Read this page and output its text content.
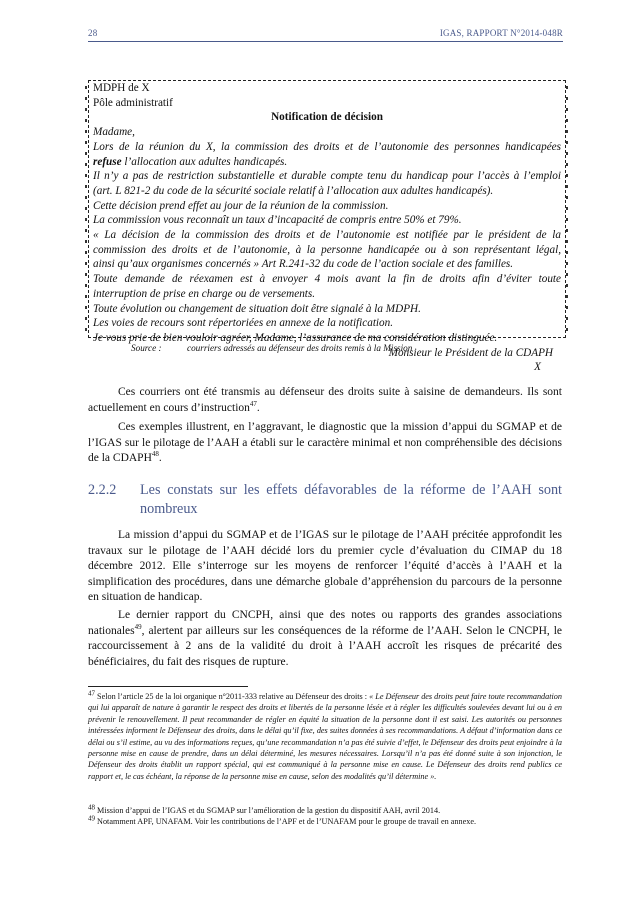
28	IGAS, RAPPORT N°2014-048R
MDPH de X
Pôle administratif
Notification de décision
Madame,
Lors de la réunion du X, la commission des droits et de l’autonomie des personnes handicapées
refuse l’allocation aux adultes handicapés.
Il n’y a pas de restriction substantielle et durable compte tenu du handicap pour l’accès à l’emploi
(art. L 821-2 du code de la sécurité sociale relatif à l’allocation aux adultes handicapés).
Cette décision prend effet au jour de la réunion de la commission.
La commission vous reconnaît un taux d’incapacité de compris entre 50% et 79%.
« La décision de la commission des droits et de l’autonomie est notifiée par le président de la
commission des droits et de l’autonomie, à la personne handicapée ou à son représentant légal,
ainsi qu’aux organismes concernés » Art R.241-32 du code de l’action sociale et des familles.
Toute demande de réexamen est à envoyer 4 mois avant la fin de droits afin d’éviter toute
interruption de prise en charge ou de versements.
Toute évolution ou changement de situation doit être signalé à la MDPH.
Les voies de recours sont répertoriées en annexe de la notification.
Je vous prie de bien vouloir agréer, Madame, l’assurance de ma considération distinguée.
Monsieur le Président de la CDAPH
X
Source :	courriers adressés au défenseur des droits remis à la Mission
Ces courriers ont été transmis au défenseur des droits suite à saisine de demandeurs. Ils sont actuellement en cours d’instruction$^{47}$.
Ces exemples illustrent, en l’aggravant, le diagnostic que la mission d’appui du SGMAP et de l’IGAS sur le pilotage de l’AAH a établi sur le caractère minimal et non compréhensible des décisions de la CDAPH$^{48}$.
2.2.2 Les constats sur les effets défavorables de la réforme de l’AAH sont
nombreux
La mission d’appui du SGMAP et de l’IGAS sur le pilotage de l’AAH précitée approfondit les travaux sur le pilotage de l’AAH décidé lors du premier cycle d’évaluation du CIMAP du 18 décembre 2012. Elle s’interroge sur les moyens de renforcer l’équité d’accès à l’AAH et la simplification des procédures, dans une démarche globale d’appréhension du parcours de la personne en situation de handicap.
Le dernier rapport du CNCPH, ainsi que des notes ou rapports des grandes associations nationales$^{49}$, alertent par ailleurs sur les conséquences de la réforme de l’AAH. Selon le CNCPH, le raccourcissement à 2 ans de la validité du droit à l’AAH accroît les risques de précarité des bénéficiaires, du fait des risques de rupture.
$^{47}$ Selon l’article 25 de la loi organique n°2011-333 relative au Défenseur des droits : « Le Défenseur des droits peut faire toute recommandation qui lui apparaît de nature à garantir le respect des droits et libertés de la personne lésée et à régler les difficultés soulevées devant lui ou à en prévenir le renouvellement. Il peut recommander de régler en équité la situation de la personne dont il est saisi. Les autorités ou personnes intéressées informent le Défenseur des droits, dans le délai qu’il fixe, des suites données à ses recommandations. A défaut d’information dans ce délai ou s’il estime, au vu des informations reçues, qu’une recommandation n’a pas été suivie d’effet, le Défenseur des droits peut enjoindre à la personne mise en cause de prendre, dans un délai déterminé, les mesures nécessaires. Lorsqu’il n’a pas été donné suite à son injonction, le Défenseur des droits établit un rapport spécial, qui est communiqué à la personne mise en cause. Le Défenseur des droits rend publics ce rapport et, le cas échéant, la réponse de la personne mise en cause, selon des modalités qu’il détermine ».
$^{48}$ Mission d’appui de l’IGAS et du SGMAP sur l’amélioration de la gestion du dispositif AAH, avril 2014.
$^{49}$ Notamment APF, UNAFAM. Voir les contributions de l’APF et de l’UNAFAM pour le groupe de travail en annexe.
